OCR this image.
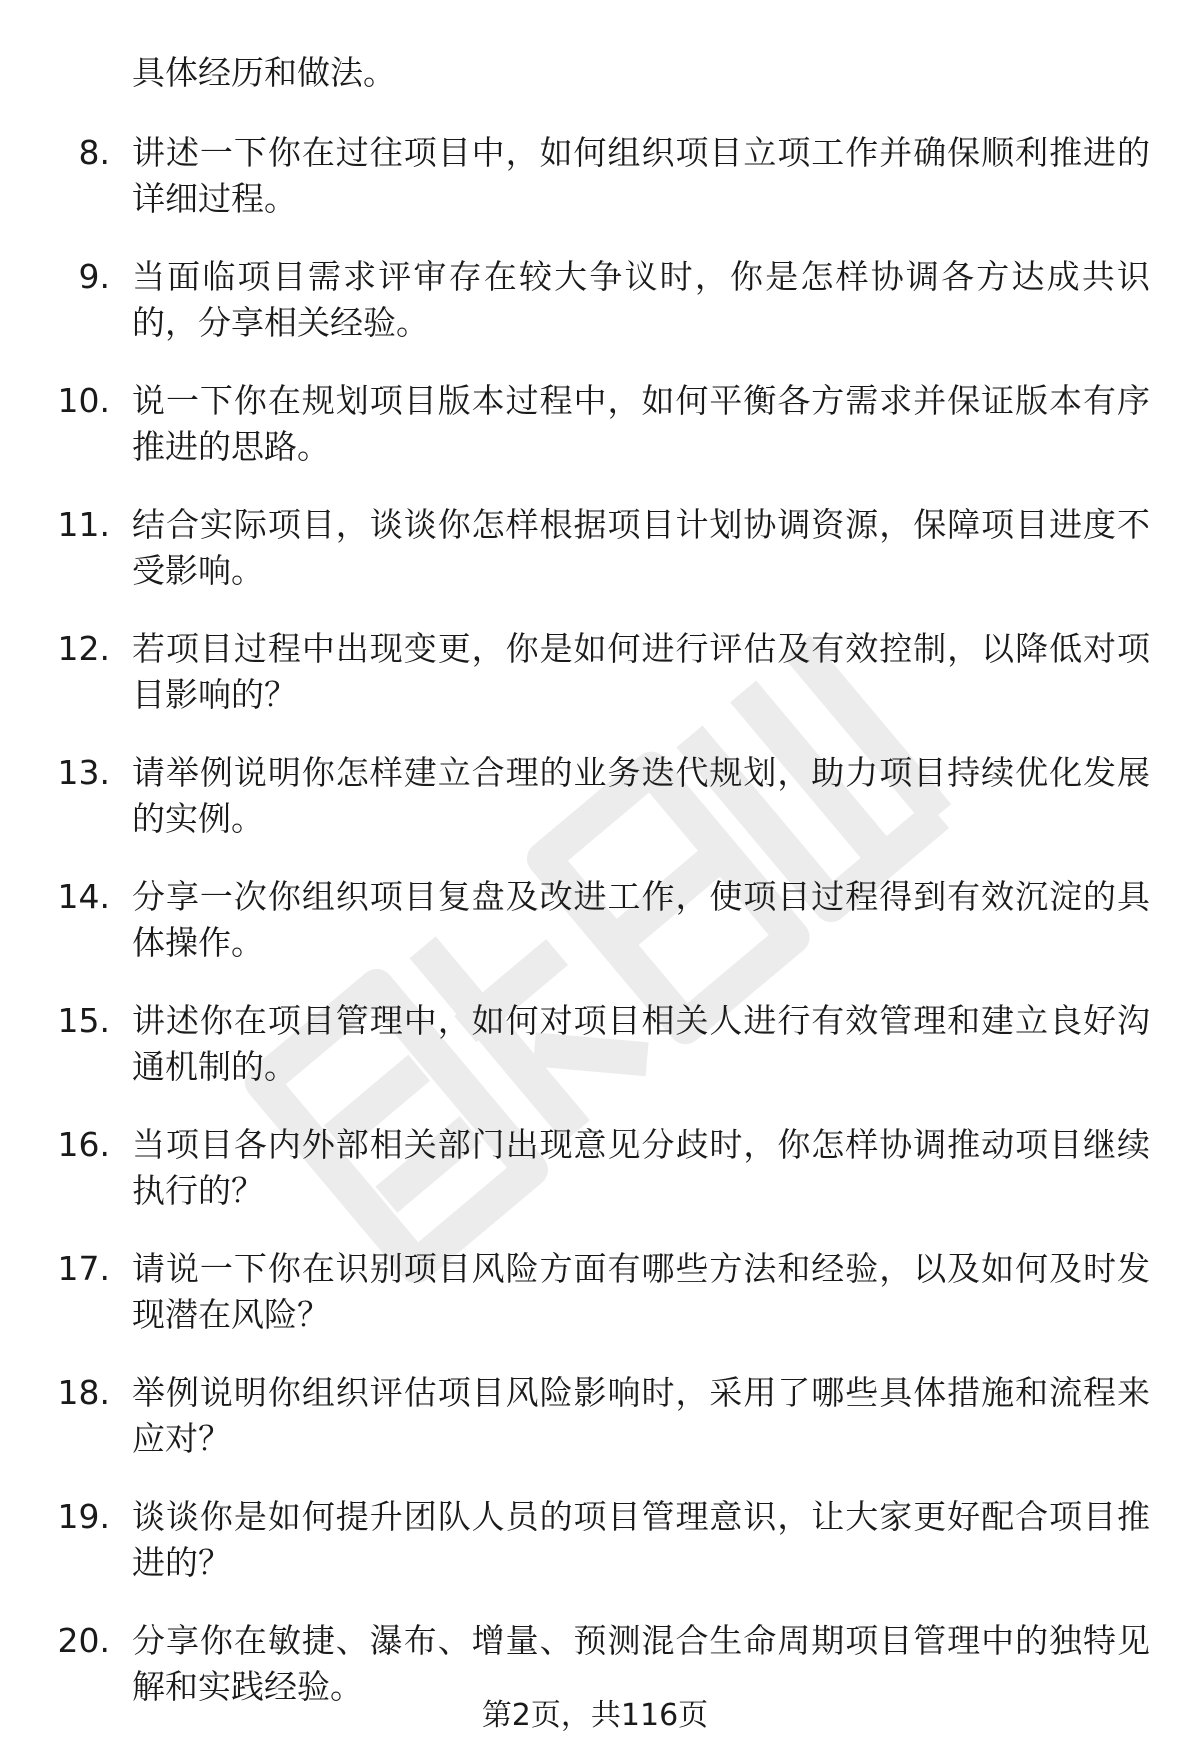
具体经历和做法。
8. 讲述一下你在过往项目中，如何组织项目立项工作并确保顺利推进的详细过程。
9. 当面临项目需求评审存在较大争议时，你是怎样协调各方达成共识的，分享相关经验。
10. 说一下你在规划项目版本过程中，如何平衡各方需求并保证版本有序推进的思路。
11. 结合实际项目，谈谈你怎样根据项目计划协调资源，保障项目进度不受影响。
12. 若项目过程中出现变更，你是如何进行评估及有效控制，以降低对项目影响的？
13. 请举例说明你怎样建立合理的业务迭代规划，助力项目持续优化发展的实例。
14. 分享一次你组织项目复盘及改进工作，使项目过程得到有效沉淀的具体操作。
15. 讲述你在项目管理中，如何对项目相关人进行有效管理和建立良好沟通机制的。
16. 当项目各内外部相关部门出现意见分歧时，你怎样协调推动项目继续执行的？
17. 请说一下你在识别项目风险方面有哪些方法和经验，以及如何及时发现潜在风险？
18. 举例说明你组织评估项目风险影响时，采用了哪些具体措施和流程来应对？
19. 谈谈你是如何提升团队人员的项目管理意识，让大家更好配合项目推进的？
20. 分享你在敏捷、瀑布、增量、预测混合生命周期项目管理中的独特见解和实践经验。
第2页，共116页
